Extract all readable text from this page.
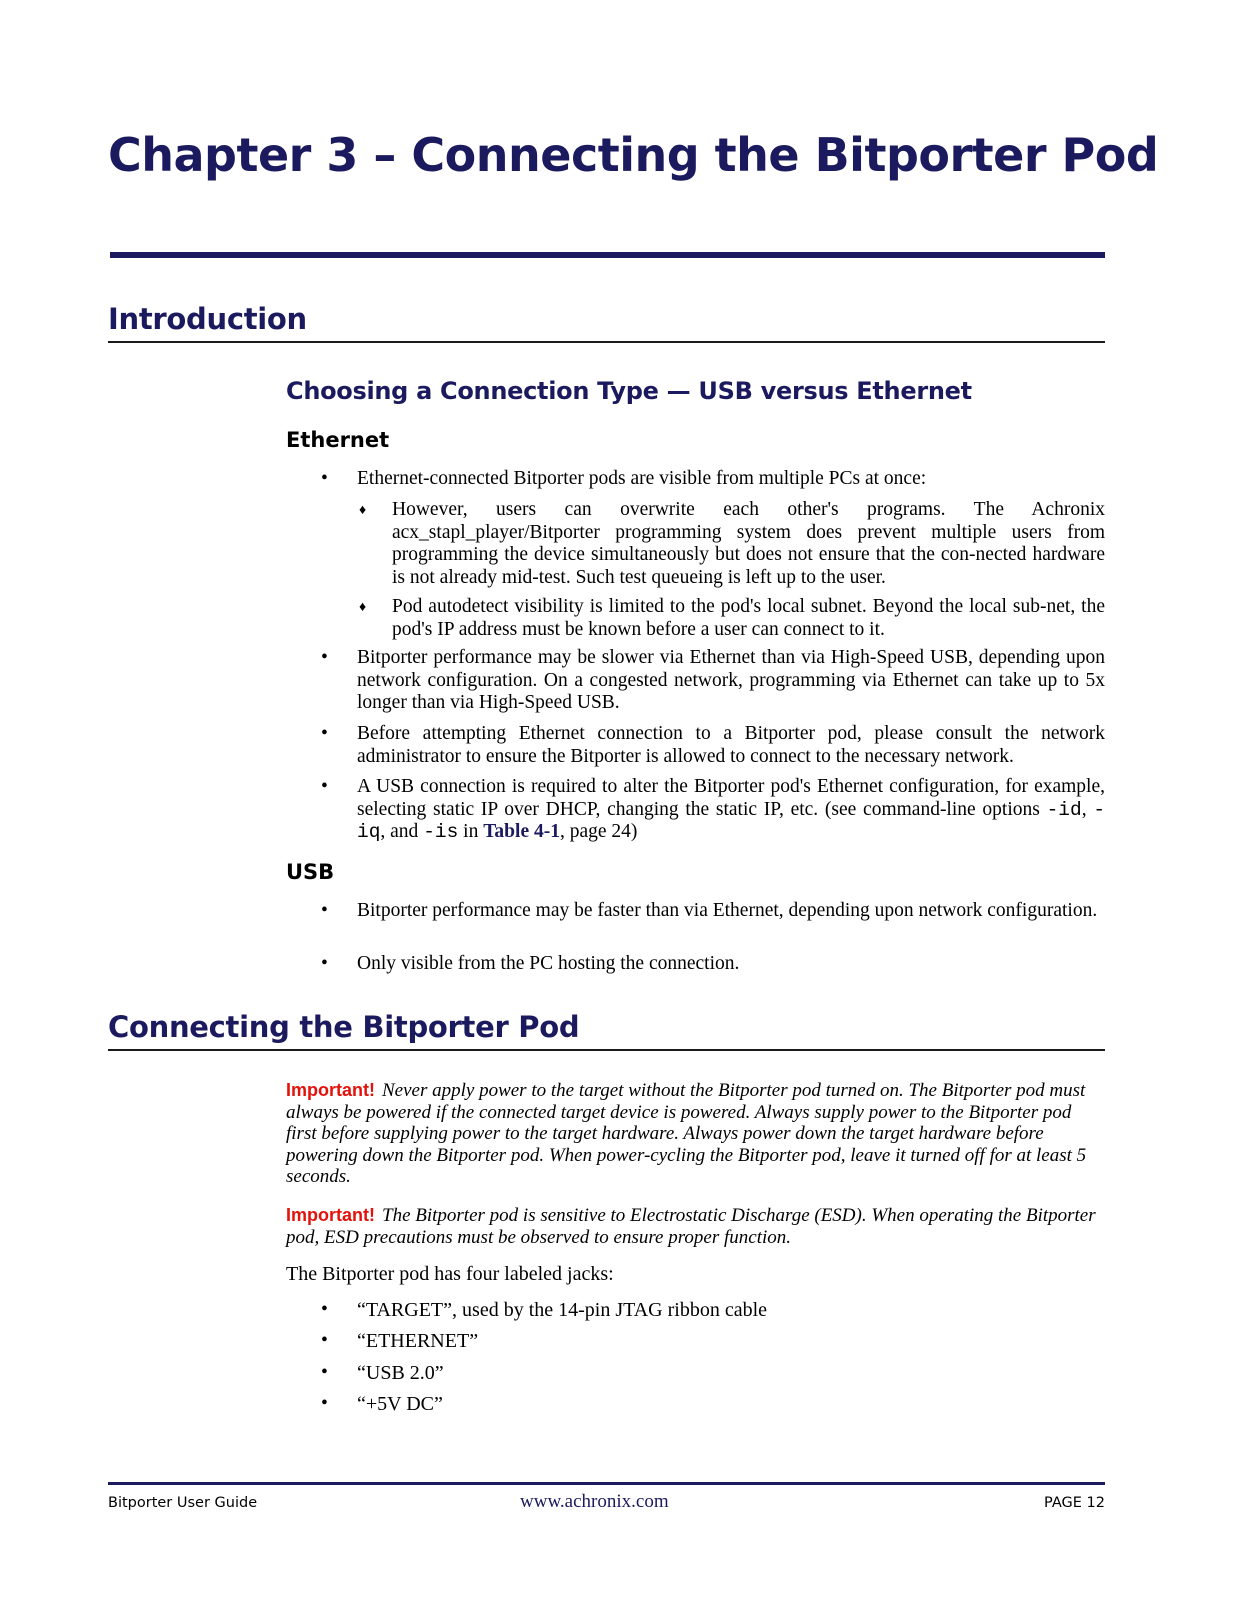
Chapter 3 – Connecting the Bitporter Pod
Introduction
Choosing a Connection Type — USB versus Ethernet
Ethernet
• Ethernet-connected Bitporter pods are visible from multiple PCs at once:

♦ However, users can overwrite each other's programs. The Achronix acx_stapl_player/Bitporter programming system does prevent multiple users from programming the device simultaneously but does not ensure that the con-nected hardware is not already mid-test. Such test queueing is left up to the user.

♦ Pod autodetect visibility is limited to the pod's local subnet. Beyond the local sub-net, the pod's IP address must be known before a user can connect to it.

• Bitporter performance may be slower via Ethernet than via High-Speed USB, depending upon network configuration. On a congested network, programming via Ethernet can take up to 5x longer than via High-Speed USB.

• Before attempting Ethernet connection to a Bitporter pod, please consult the network administrator to ensure the Bitporter is allowed to connect to the necessary network.

• A USB connection is required to alter the Bitporter pod's Ethernet configuration, for example, selecting static IP over DHCP, changing the static IP, etc. (see command-line options -id, -iq, and -is in Table 4-1, page 24)

USB
• Bitporter performance may be faster than via Ethernet, depending upon network configuration.

• Only visible from the PC hosting the connection.

Connecting the Bitporter Pod

Important! Never apply power to the target without the Bitporter pod turned on. The Bitporter pod must always be powered if the connected target device is powered. Always supply power to the Bitporter pod first before supplying power to the target hardware. Always power down the target hardware before powering down the Bitporter pod. When power-cycling the Bitporter pod, leave it turned off for at least 5 seconds.

Important! The Bitporter pod is sensitive to Electrostatic Discharge (ESD). When operating the Bitporter pod, ESD precautions must be observed to ensure proper function.

The Bitporter pod has four labeled jacks:

• “TARGET”, used by the 14-pin JTAG ribbon cable

• “ETHERNET”

• “USB 2.0”

• “+5V DC”

Bitporter User Guide	www.achronix.com	PAGE 12
